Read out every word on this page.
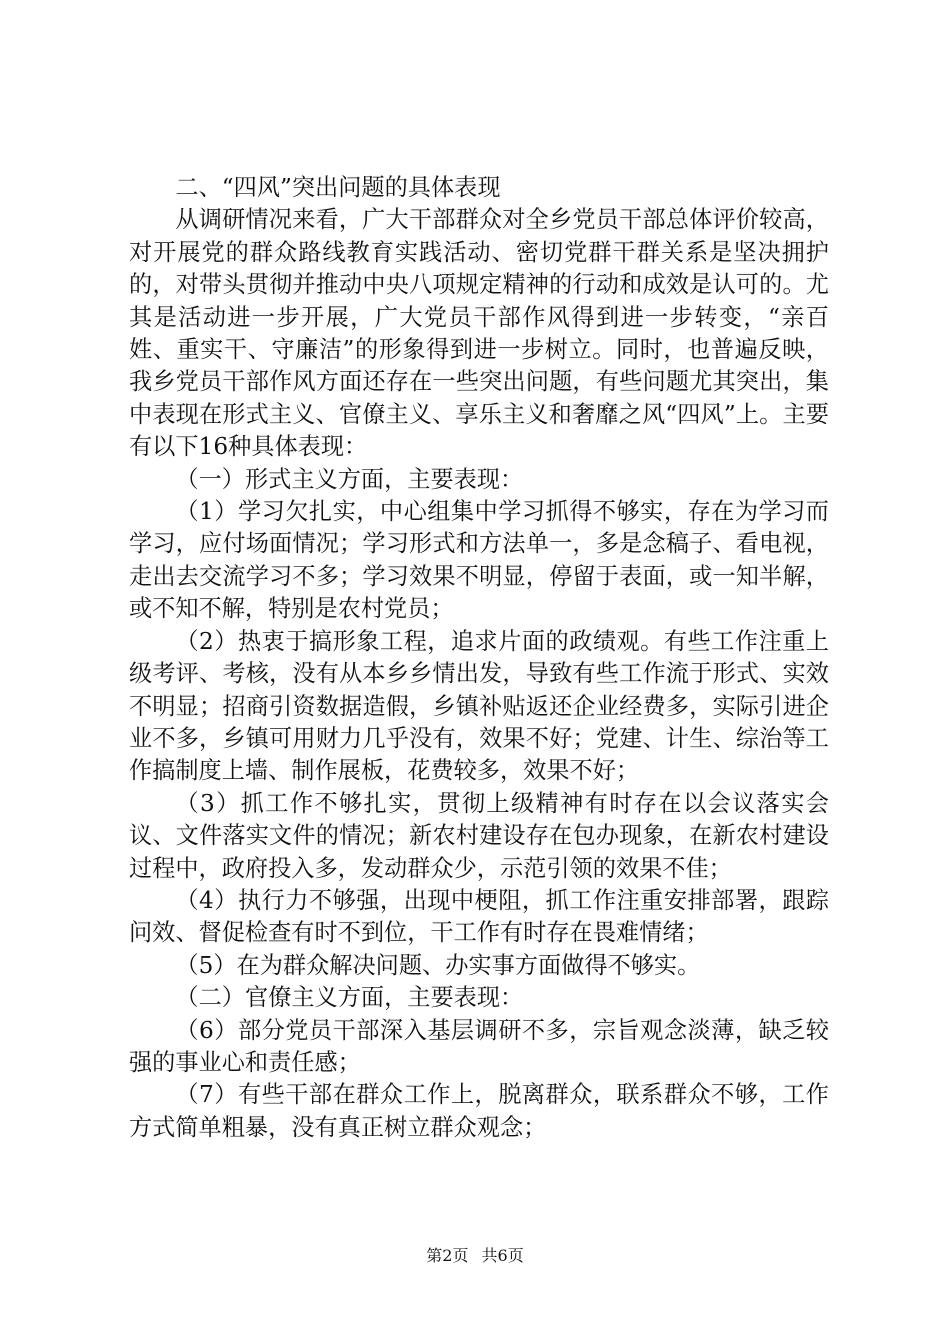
二、“四风”突出问题的具体表现

从调研情况来看，广大干部群众对全乡党员干部总体评价较高，对开展党的群众路线教育实践活动、密切党群干群关系是坚决拥护的，对带头贯彻并推动中央八项规定精神的行动和成效是认可的。尤其是活动进一步开展，广大党员干部作风得到进一步转变，“亲百姓、重实干、守廉洁”的形象得到进一步树立。同时，也普遍反映，我乡党员干部作风方面还存在一些突出问题，有些问题尤其突出，集中表现在形式主义、官僚主义、享乐主义和奢靡之风“四风”上。主要有以下16种具体表现：

（一）形式主义方面，主要表现：

（1）学习欠扎实，中心组集中学习抓得不够实，存在为学习而学习，应付场面情况；学习形式和方法单一，多是念稿子、看电视，走出去交流学习不多；学习效果不明显，停留于表面，或一知半解，或不知不解，特别是农村党员；

（2）热衷于搞形象工程，追求片面的政绩观。有些工作注重上级考评、考核，没有从本乡乡情出发，导致有些工作流于形式、实效不明显；招商引资数据造假，乡镇补贴返还企业经费多，实际引进企业不多，乡镇可用财力几乎没有，效果不好；党建、计生、综治等工作搞制度上墙、制作展板，花费较多，效果不好；

（3）抓工作不够扎实，贯彻上级精神有时存在以会议落实会议、文件落实文件的情况；新农村建设存在包办现象，在新农村建设过程中，政府投入多，发动群众少，示范引领的效果不佳；

（4）执行力不够强，出现中梗阻，抓工作注重安排部署，跟踪问效、督促检查有时不到位，干工作有时存在畏难情绪；

（5）在为群众解决问题、办实事方面做得不够实。

（二）官僚主义方面，主要表现：

（6）部分党员干部深入基层调研不多，宗旨观念淡薄，缺乏较强的事业心和责任感；

（7）有些干部在群众工作上，脱离群众，联系群众不够，工作方式简单粗暴，没有真正树立群众观念；

第2页 共6页
